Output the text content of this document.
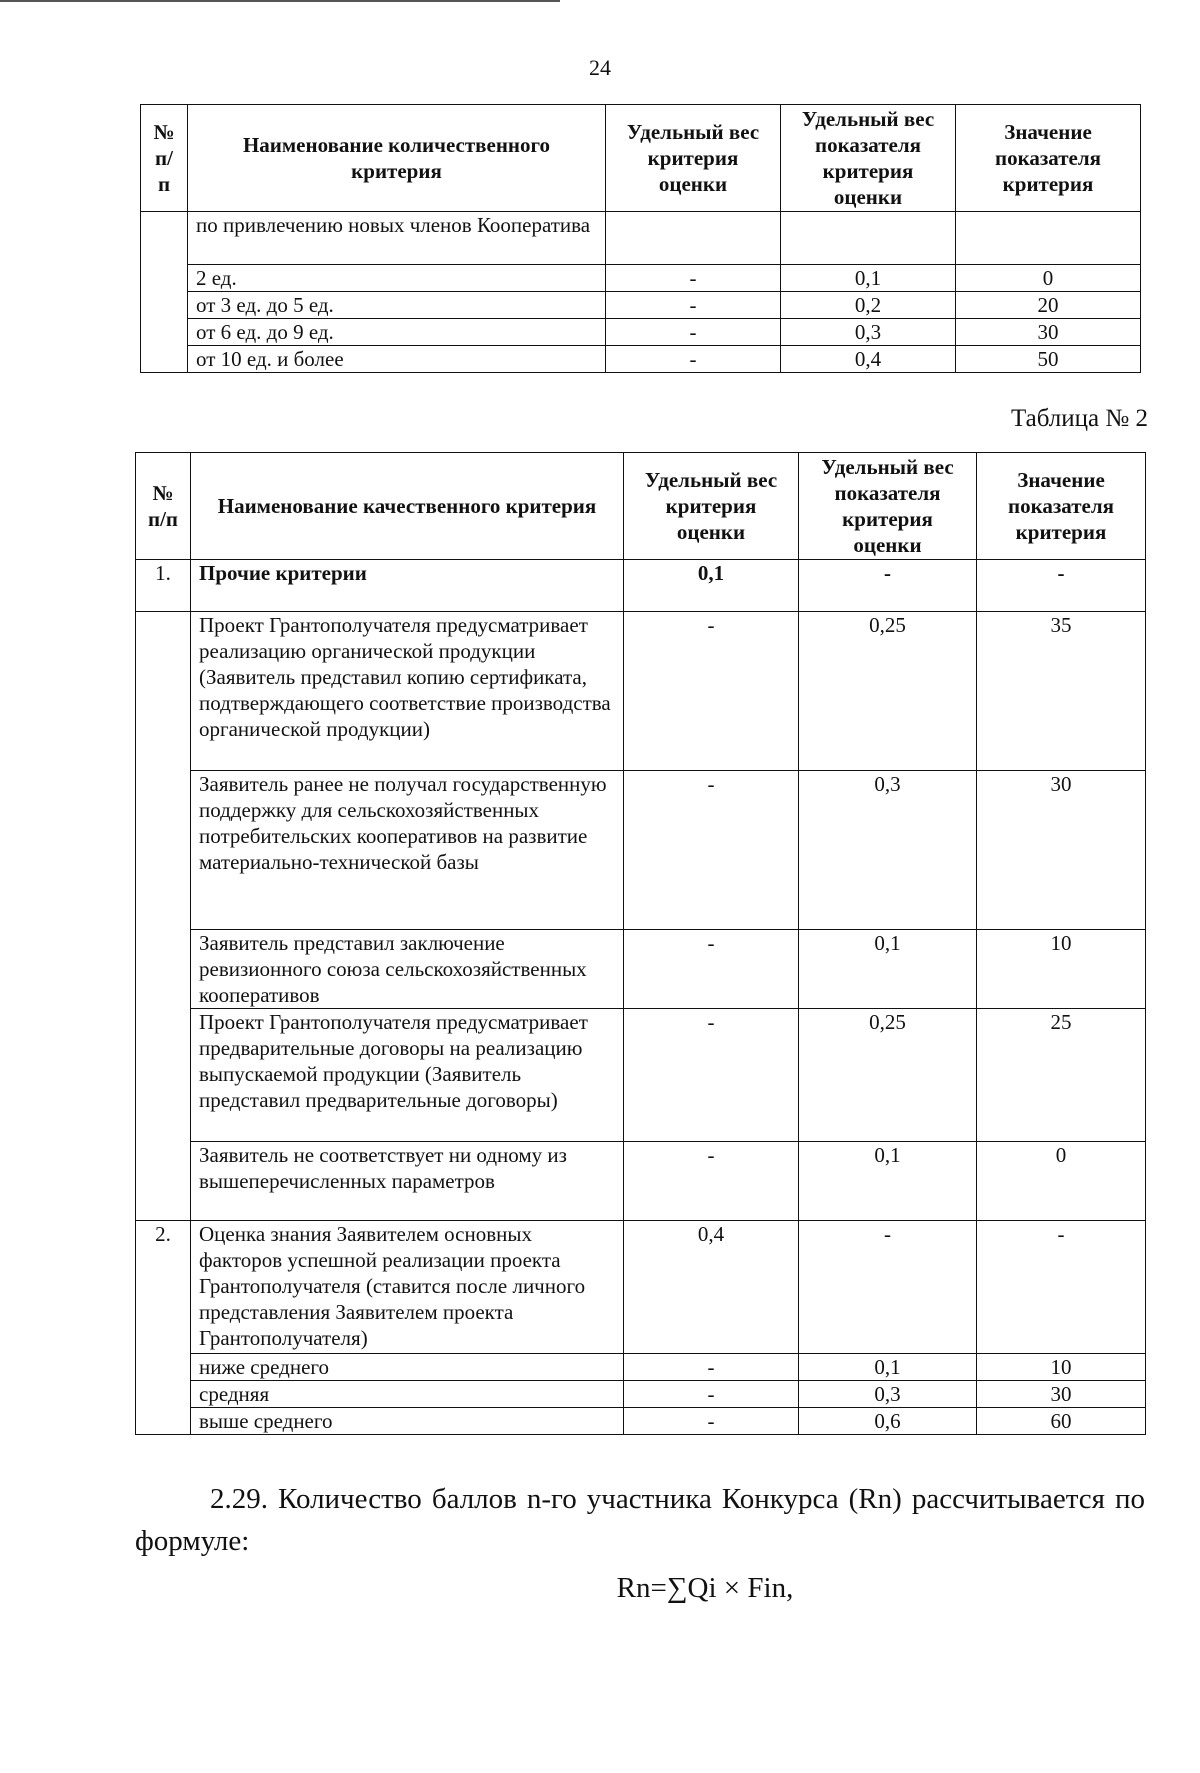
24
№ п/п	Наименование количественного критерия	Удельный вес критерия оценки	Удельный вес показателя критерия оценки	Значение показателя критерия
	по привлечению новых членов Кооператива			
	2 ед.	-	0,1	0
	от 3 ед. до 5 ед.	-	0,2	20
	от 6 ед. до 9 ед.	-	0,3	30
	от 10 ед. и более	-	0,4	50
Таблица № 2
№ п/п	Наименование качественного критерия	Удельный вес критерия оценки	Удельный вес показателя критерия оценки	Значение показателя критерия
1.	Прочие критерии	0,1	-	-
	Проект Грантополучателя предусматривает реализацию органической продукции (Заявитель представил копию сертификата, подтверждающего соответствие производства органической продукции)	-	0,25	35
	Заявитель ранее не получал государственную поддержку для сельскохозяйственных потребительских кооперативов на развитие материально-технической базы	-	0,3	30
	Заявитель представил заключение ревизионного союза сельскохозяйственных кооперативов	-	0,1	10
	Проект Грантополучателя предусматривает предварительные договоры на реализацию выпускаемой продукции (Заявитель представил предварительные договоры)	-	0,25	25
	Заявитель не соответствует ни одному из вышеперечисленных параметров	-	0,1	0
2.	Оценка знания Заявителем основных факторов успешной реализации проекта Грантополучателя (ставится после личного представления Заявителем проекта Грантополучателя)	0,4	-	-
	ниже среднего	-	0,1	10
	средняя	-	0,3	30
	выше среднего	-	0,6	60
2.29. Количество баллов n-го участника Конкурса (Rn) рассчитывается по формуле:
Rn=∑Qi × Fin,
